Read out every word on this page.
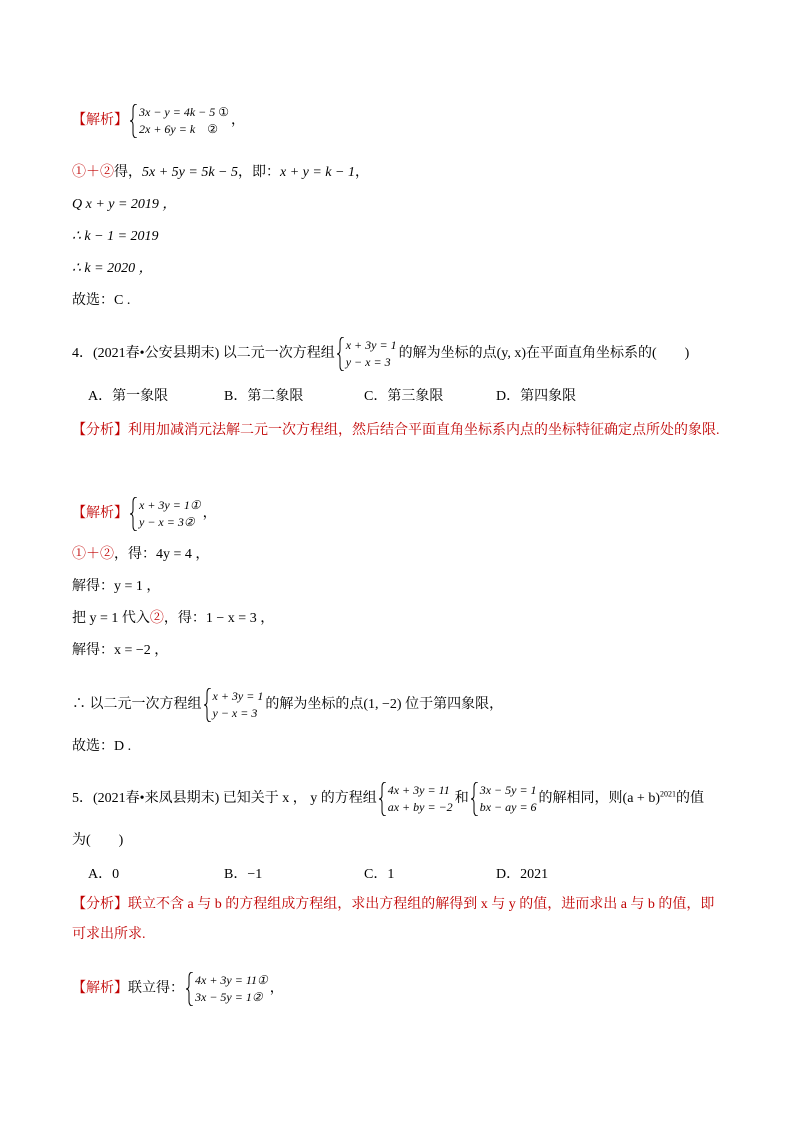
【解析】
3x − y = 4k − 5 ①
2x + 6y = k ②
，
①＋②得，5x + 5y = 5k − 5，即：x + y = k − 1，
Q x + y = 2019 ，
∴ k − 1 = 2019
∴ k = 2020 ，
故选：C .
4．(2021春•公安县期末) 以二元一次方程组
x + 3y = 1
y − x = 3
的解为坐标的点(y, x)在平面直角坐标系的(　　)
A．第一象限	B．第二象限	C．第三象限	D．第四象限
【分析】利用加减消元法解二元一次方程组，然后结合平面直角坐标系内点的坐标特征确定点所处的象限.
【解析】
x + 3y = 1①
y − x = 3②
，
①＋②，得：4y = 4 ，
解得：y = 1 ，
把 y = 1 代入②，得：1 − x = 3 ，
解得：x = −2 ，
∴ 以二元一次方程组
x + 3y = 1
y − x = 3
的解为坐标的点(1, −2) 位于第四象限，
故选：D .
5．(2021春•来凤县期末) 已知关于 x ， y 的方程组
4x + 3y = 11
ax + by = −2
和
3x − 5y = 1
bx − ay = 6
的解相同，则$(a + b)^{2021}$的值
为(　　)
A．0	B．−1	C．1	D．2021
【分析】联立不含 a 与 b 的方程组成方程组，求出方程组的解得到 x 与 y 的值，进而求出 a 与 b 的值，即可求出所求.
【解析】联立得：
4x + 3y = 11①
3x − 5y = 1②
，
